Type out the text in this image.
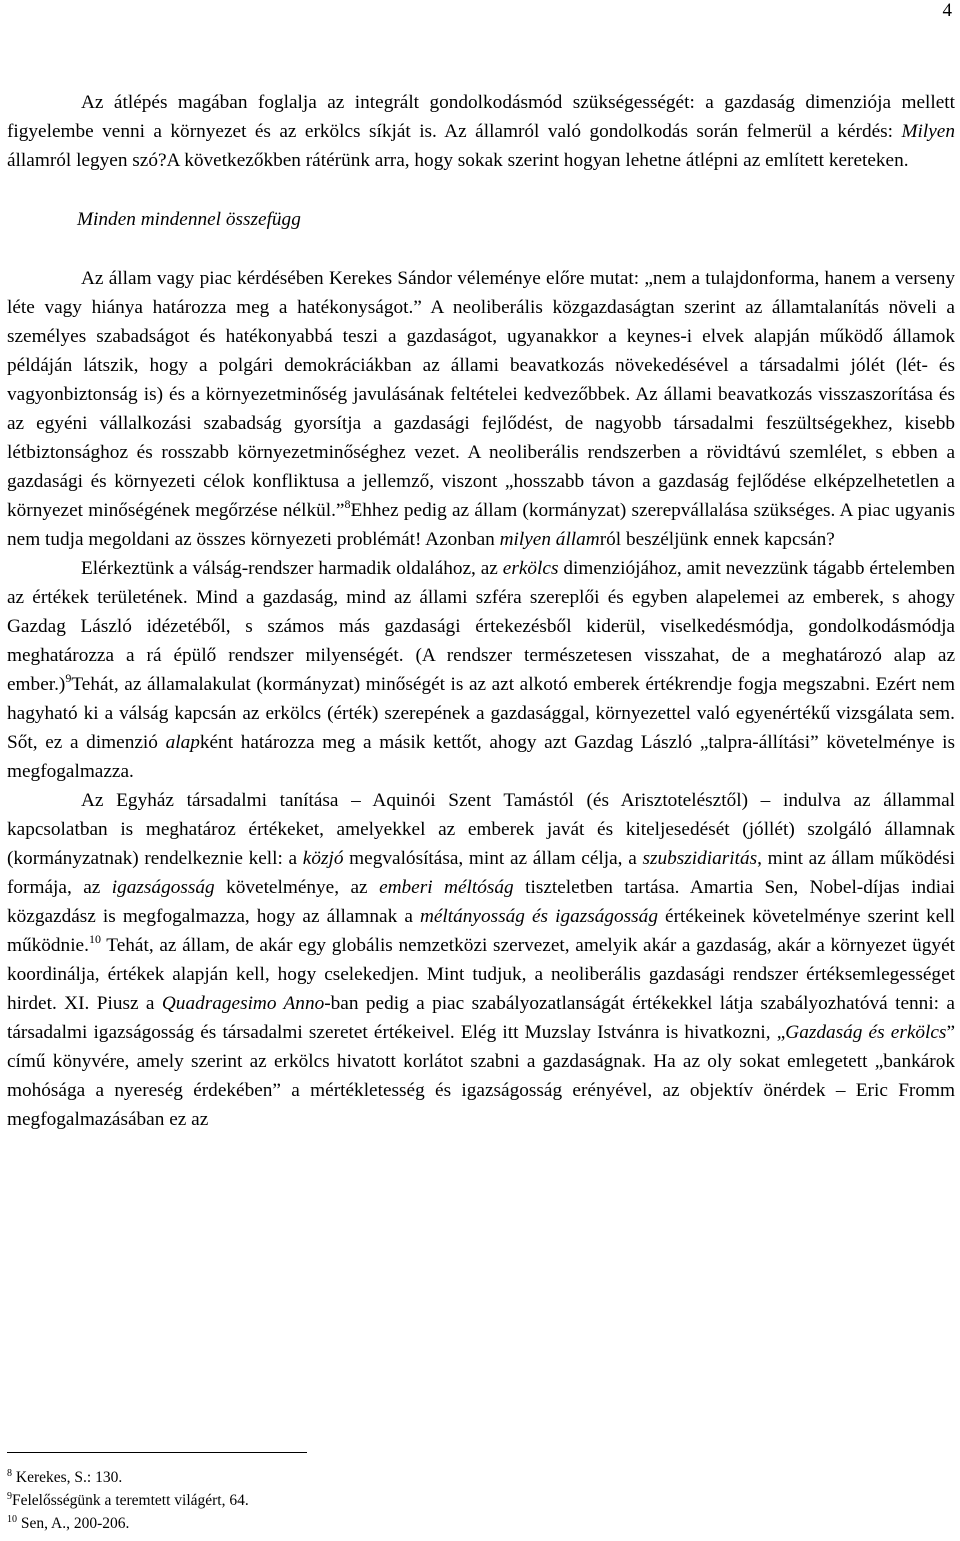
4

Az átlépés magában foglalja az integrált gondolkodásmód szükségességét: a gazdaság dimenziója mellett figyelembe venni a környezet és az erkölcs síkját is. Az államról való gondolkodás során felmerül a kérdés: Milyen államról legyen szó?A következőkben rátérünk arra, hogy sokak szerint hogyan lehetne átlépni az említett kereteken.

Minden mindennel összefügg

Az állam vagy piac kérdésében Kerekes Sándor véleménye előre mutat: „nem a tulajdonforma, hanem a verseny léte vagy hiánya határozza meg a hatékonyságot.” A neoliberális közgazdaságtan szerint az államtalanítás növeli a személyes szabadságot és hatékonyabbá teszi a gazdaságot, ugyanakkor a keynes-i elvek alapján működő államok példáján látszik, hogy a polgári demokráciákban az állami beavatkozás növekedésével a társadalmi jólét (lét- és vagyonbiztonság is) és a környezetminőség javulásának feltételei kedvezőbbek. Az állami beavatkozás visszaszorítása és az egyéni vállalkozási szabadság gyorsítja a gazdasági fejlődést, de nagyobb társadalmi feszültségekhez, kisebb létbiztonsághoz és rosszabb környezetminőséghez vezet. A neoliberális rendszerben a rövidtávú szemlélet, s ebben a gazdasági és környezeti célok konfliktusa a jellemző, viszont „hosszabb távon a gazdaság fejlődése elképzelhetetlen a környezet minőségének megőrzése nélkül.”$^8$Ehhez pedig az állam (kormányzat) szerepvállalása szükséges. A piac ugyanis nem tudja megoldani az összes környezeti problémát! Azonban milyen államról beszéljünk ennek kapcsán?

Elérkeztünk a válság-rendszer harmadik oldalához, az erkölcs dimenziójához, amit nevezzünk tágabb értelemben az értékek területének. Mind a gazdaság, mind az állami szféra szereplői és egyben alapelemei az emberek, s ahogy Gazdag László idézetéből, s számos más gazdasági értekezésből kiderül, viselkedésmódja, gondolkodásmódja meghatározza a rá épülő rendszer milyenségét. (A rendszer természetesen visszahat, de a meghatározó alap az ember.)$^9$Tehát, az államalakulat (kormányzat) minőségét is az azt alkotó emberek értékrendje fogja megszabni. Ezért nem hagyható ki a válság kapcsán az erkölcs (érték) szerepének a gazdasággal, környezettel való egyenértékű vizsgálata sem. Sőt, ez a dimenzió alapként határozza meg a másik kettőt, ahogy azt Gazdag László „talpra-állítási” követelménye is megfogalmazza.

Az Egyház társadalmi tanítása – Aquinói Szent Tamástól (és Arisztotelésztől) – indulva az állammal kapcsolatban is meghatároz értékeket, amelyekkel az emberek javát és kiteljesedését (jóllét) szolgáló államnak (kormányzatnak) rendelkeznie kell: a közjó megvalósítása, mint az állam célja, a szubszidiaritás, mint az állam működési formája, az igazságosság követelménye, az emberi méltóság tiszteletben tartása. Amartia Sen, Nobel-díjas indiai közgazdász is megfogalmazza, hogy az államnak a méltányosság és igazságosság értékeinek követelménye szerint kell működnie.$^{10}$ Tehát, az állam, de akár egy globális nemzetközi szervezet, amelyik akár a gazdaság, akár a környezet ügyét koordinálja, értékek alapján kell, hogy cselekedjen. Mint tudjuk, a neoliberális gazdasági rendszer értéksemlegességet hirdet. XI. Piusz a Quadragesimo Anno-ban pedig a piac szabályozatlanságát értékekkel látja szabályozhatóvá tenni: a társadalmi igazságosság és társadalmi szeretet értékeivel. Elég itt Muzslay Istvánra is hivatkozni, „Gazdaság és erkölcs” című könyvére, amely szerint az erkölcs hivatott korlátot szabni a gazdaságnak. Ha az oly sokat emlegetett „bankárok mohósága a nyereség érdekében” a mértékletesség és igazságosság erényével, az objektív önérdek – Eric Fromm megfogalmazásában ez az

$^8$ Kerekes, S.: 130.
$^9$Felelősségünk a teremtett világért, 64.
$^{10}$ Sen, A., 200-206.
